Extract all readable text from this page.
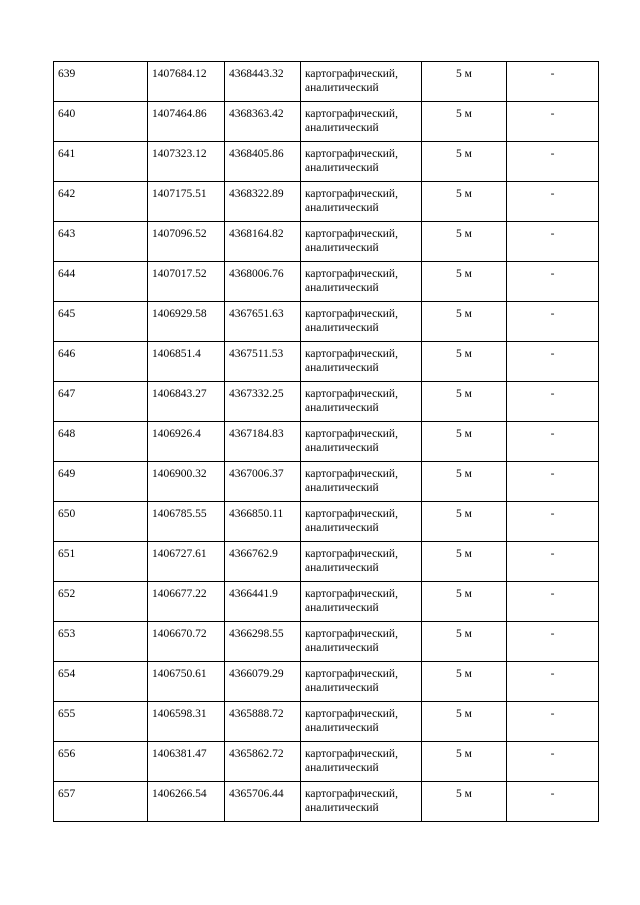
639	1407684.12	4368443.32	картографический,
аналитический	5 м	-
640	1407464.86	4368363.42	картографический,
аналитический	5 м	-
641	1407323.12	4368405.86	картографический,
аналитический	5 м	-
642	1407175.51	4368322.89	картографический,
аналитический	5 м	-
643	1407096.52	4368164.82	картографический,
аналитический	5 м	-
644	1407017.52	4368006.76	картографический,
аналитический	5 м	-
645	1406929.58	4367651.63	картографический,
аналитический	5 м	-
646	1406851.4	4367511.53	картографический,
аналитический	5 м	-
647	1406843.27	4367332.25	картографический,
аналитический	5 м	-
648	1406926.4	4367184.83	картографический,
аналитический	5 м	-
649	1406900.32	4367006.37	картографический,
аналитический	5 м	-
650	1406785.55	4366850.11	картографический,
аналитический	5 м	-
651	1406727.61	4366762.9	картографический,
аналитический	5 м	-
652	1406677.22	4366441.9	картографический,
аналитический	5 м	-
653	1406670.72	4366298.55	картографический,
аналитический	5 м	-
654	1406750.61	4366079.29	картографический,
аналитический	5 м	-
655	1406598.31	4365888.72	картографический,
аналитический	5 м	-
656	1406381.47	4365862.72	картографический,
аналитический	5 м	-
657	1406266.54	4365706.44	картографический,
аналитический	5 м	-
